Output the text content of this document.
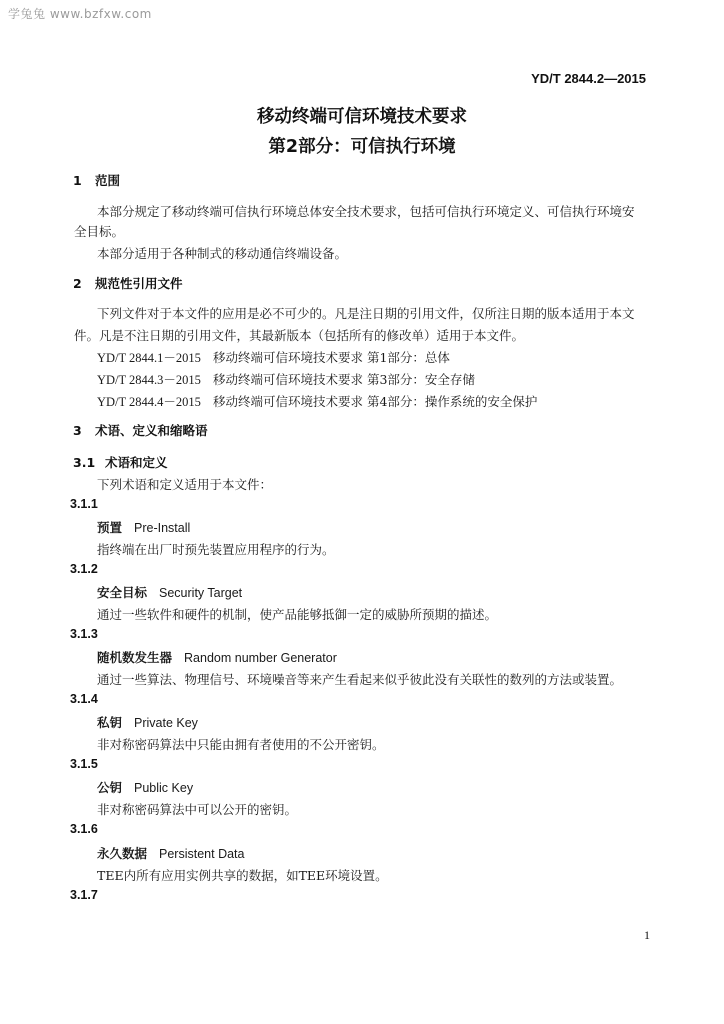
学兔兔 www.bzfxw.com
YD/T 2844.2—2015
移动终端可信环境技术要求
第2部分：可信执行环境
1 范围
本部分规定了移动终端可信执行环境总体安全技术要求，包括可信执行环境定义、可信执行环境安
全目标。
本部分适用于各种制式的移动通信终端设备。
2 规范性引用文件
下列文件对于本文件的应用是必不可少的。凡是注日期的引用文件，仅所注日期的版本适用于本文
件。凡是不注日期的引用文件，其最新版本（包括所有的修改单）适用于本文件。
YD/T 2844.1－2015 移动终端可信环境技术要求 第1部分：总体
YD/T 2844.3－2015 移动终端可信环境技术要求 第3部分：安全存储
YD/T 2844.4－2015 移动终端可信环境技术要求 第4部分：操作系统的安全保护
3 术语、定义和缩略语
3.1 术语和定义
下列术语和定义适用于本文件：
3.1.1
预置 Pre-Install
指终端在出厂时预先装置应用程序的行为。
3.1.2
安全目标 Security Target
通过一些软件和硬件的机制，使产品能够抵御一定的威胁所预期的描述。
3.1.3
随机数发生器 Random number Generator
通过一些算法、物理信号、环境噪音等来产生看起来似乎彼此没有关联性的数列的方法或装置。
3.1.4
私钥 Private Key
非对称密码算法中只能由拥有者使用的不公开密钥。
3.1.5
公钥 Public Key
非对称密码算法中可以公开的密钥。
3.1.6
永久数据 Persistent Data
TEE内所有应用实例共享的数据，如TEE环境设置。
3.1.7
1
